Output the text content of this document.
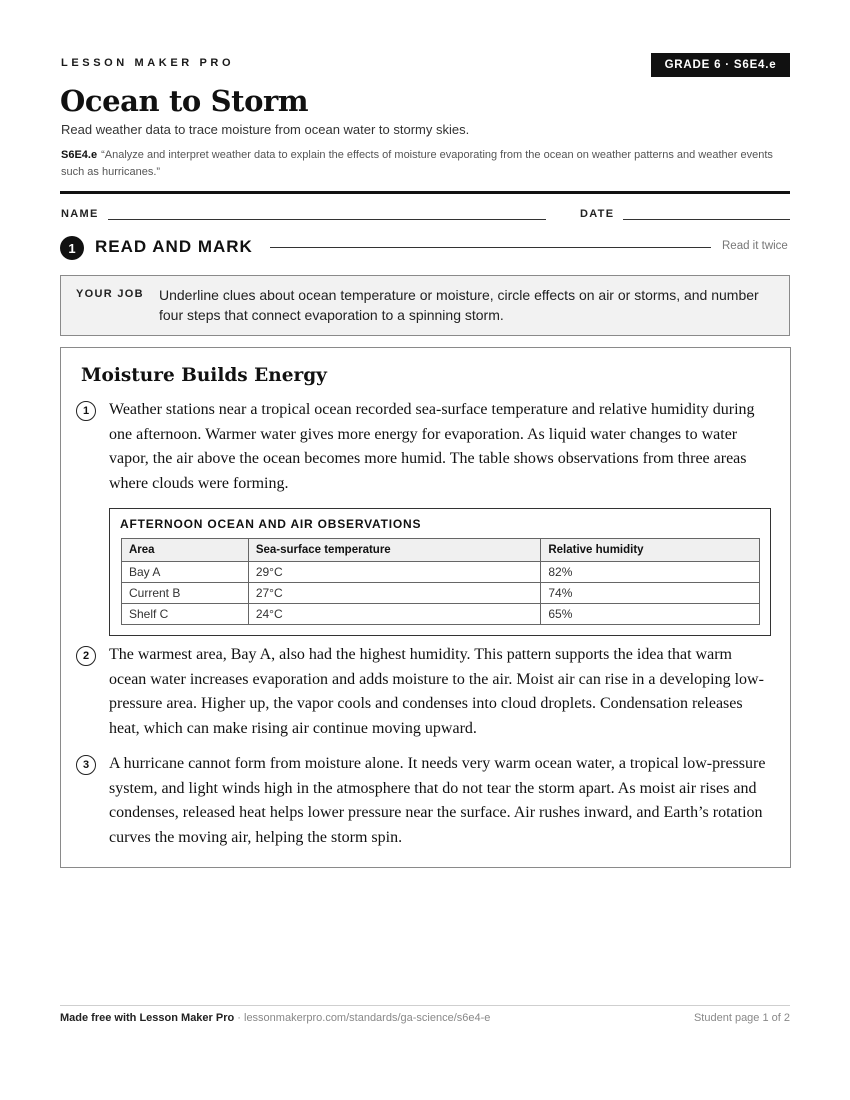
LESSON MAKER PRO	GRADE 6 · S6E4.e
Ocean to Storm
Read weather data to trace moisture from ocean water to stormy skies.
S6E4.e “Analyze and interpret weather data to explain the effects of moisture evaporating from the ocean on weather patterns and weather events such as hurricanes.”
NAME	DATE
1	READ AND MARK	Read it twice
YOUR JOB Underline clues about ocean temperature or moisture, circle effects on air or storms, and number four steps that connect evaporation to a spinning storm.
Moisture Builds Energy
1	Weather stations near a tropical ocean recorded sea-surface temperature and relative humidity during one afternoon. Warmer water gives more energy for evaporation. As liquid water changes to water vapor, the air above the ocean becomes more humid. The table shows observations from three areas where clouds were forming.

AFTERNOON OCEAN AND AIR OBSERVATIONS
Area	Sea-surface temperature	Relative humidity
Bay A	29°C	82%
Current B	27°C	74%
Shelf C	24°C	65%
2	The warmest area, Bay A, also had the highest humidity. This pattern supports the idea that warm ocean water increases evaporation and adds moisture to the air. Moist air can rise in a developing low-pressure area. Higher up, the vapor cools and condenses into cloud droplets. Condensation releases heat, which can make rising air continue moving upward.

3	A hurricane cannot form from moisture alone. It needs very warm ocean water, a tropical low-pressure system, and light winds high in the atmosphere that do not tear the storm apart. As moist air rises and condenses, released heat helps lower pressure near the surface. Air rushes inward, and Earth’s rotation curves the moving air, helping the storm spin.

Made free with Lesson Maker Pro · lessonmakerpro.com/standards/ga-science/s6e4-e	Student page 1 of 2
